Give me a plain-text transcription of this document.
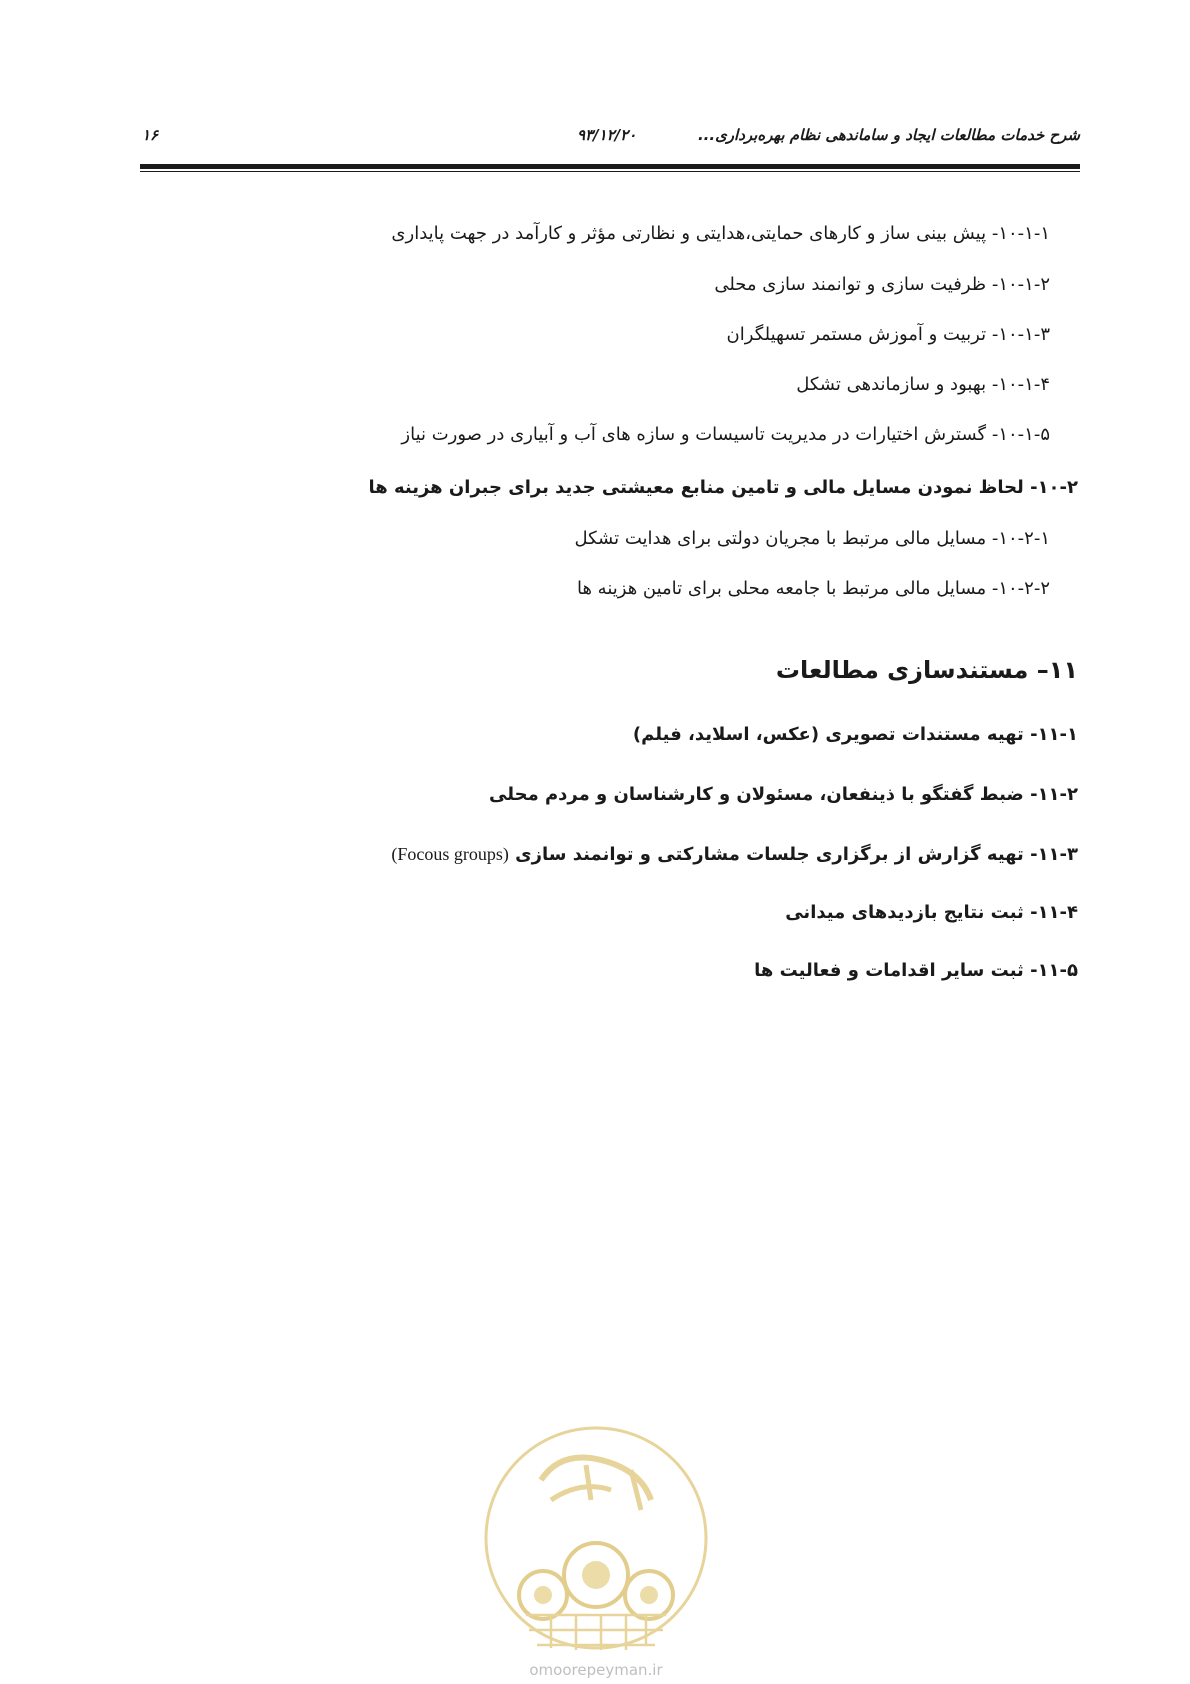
شرح خدمات مطالعات ایجاد و ساماندهی نظام بهره‌برداری...
۹۳/۱۲/۲۰
۱۶
۱۰-۱-۱- پیش بینی ساز و کارهای حمایتی،هدایتی و نظارتی مؤثر و کارآمد در جهت پایداری
۱۰-۱-۲- ظرفیت سازی و توانمند سازی محلی
۱۰-۱-۳- تربیت و آموزش مستمر تسهیلگران
۱۰-۱-۴- بهبود و سازماندهی تشکل
۱۰-۱-۵- گسترش اختیارات در مدیریت تاسیسات و سازه های آب و آبیاری در صورت نیاز
۱۰-۲- لحاظ نمودن مسایل مالی و تامین منابع معیشتی جدید برای جبران هزینه ها
۱۰-۲-۱- مسایل مالی مرتبط با مجریان دولتی برای هدایت تشکل
۱۰-۲-۲- مسایل مالی مرتبط با جامعه محلی برای تامین هزینه ها
۱۱– مستندسازی مطالعات
۱۱-۱- تهیه مستندات تصویری (عکس، اسلاید، فیلم)
۱۱-۲- ضبط گفتگو با ذینفعان، مسئولان و کارشناسان و مردم محلی
۱۱-۳- تهیه گزارش از برگزاری جلسات مشارکتی و توانمند سازی (Focous groups)
۱۱-۴- ثبت نتایج بازدیدهای میدانی
۱۱-۵- ثبت سایر اقدامات و فعالیت ها
omoorepeyman.ir
